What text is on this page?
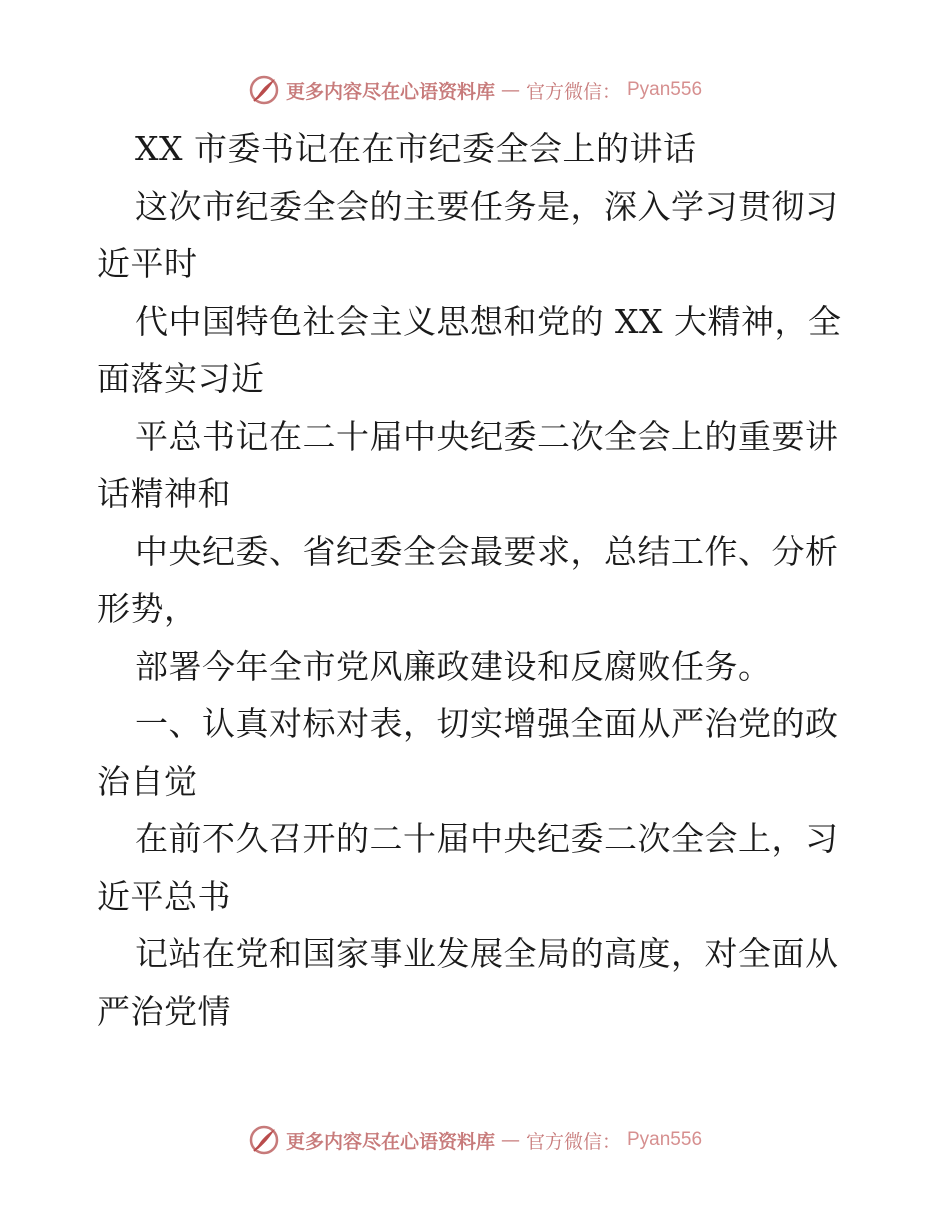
更多内容尽在心语资料库 — 官方微信： Pyan556
XX 市委书记在在市纪委全会上的讲话
这次市纪委全会的主要任务是，深入学习贯彻习
近平时
代中国特色社会主义思想和党的 XX 大精神，全
面落实习近
平总书记在二十届中央纪委二次全会上的重要讲
话精神和
中央纪委、省纪委全会最要求，总结工作、分析
形势，
部署今年全市党风廉政建设和反腐败任务。
一、认真对标对表，切实增强全面从严治党的政
治自觉
在前不久召开的二十届中央纪委二次全会上，习
近平总书
记站在党和国家事业发展全局的高度，对全面从
严治党情
更多内容尽在心语资料库 — 官方微信： Pyan556
